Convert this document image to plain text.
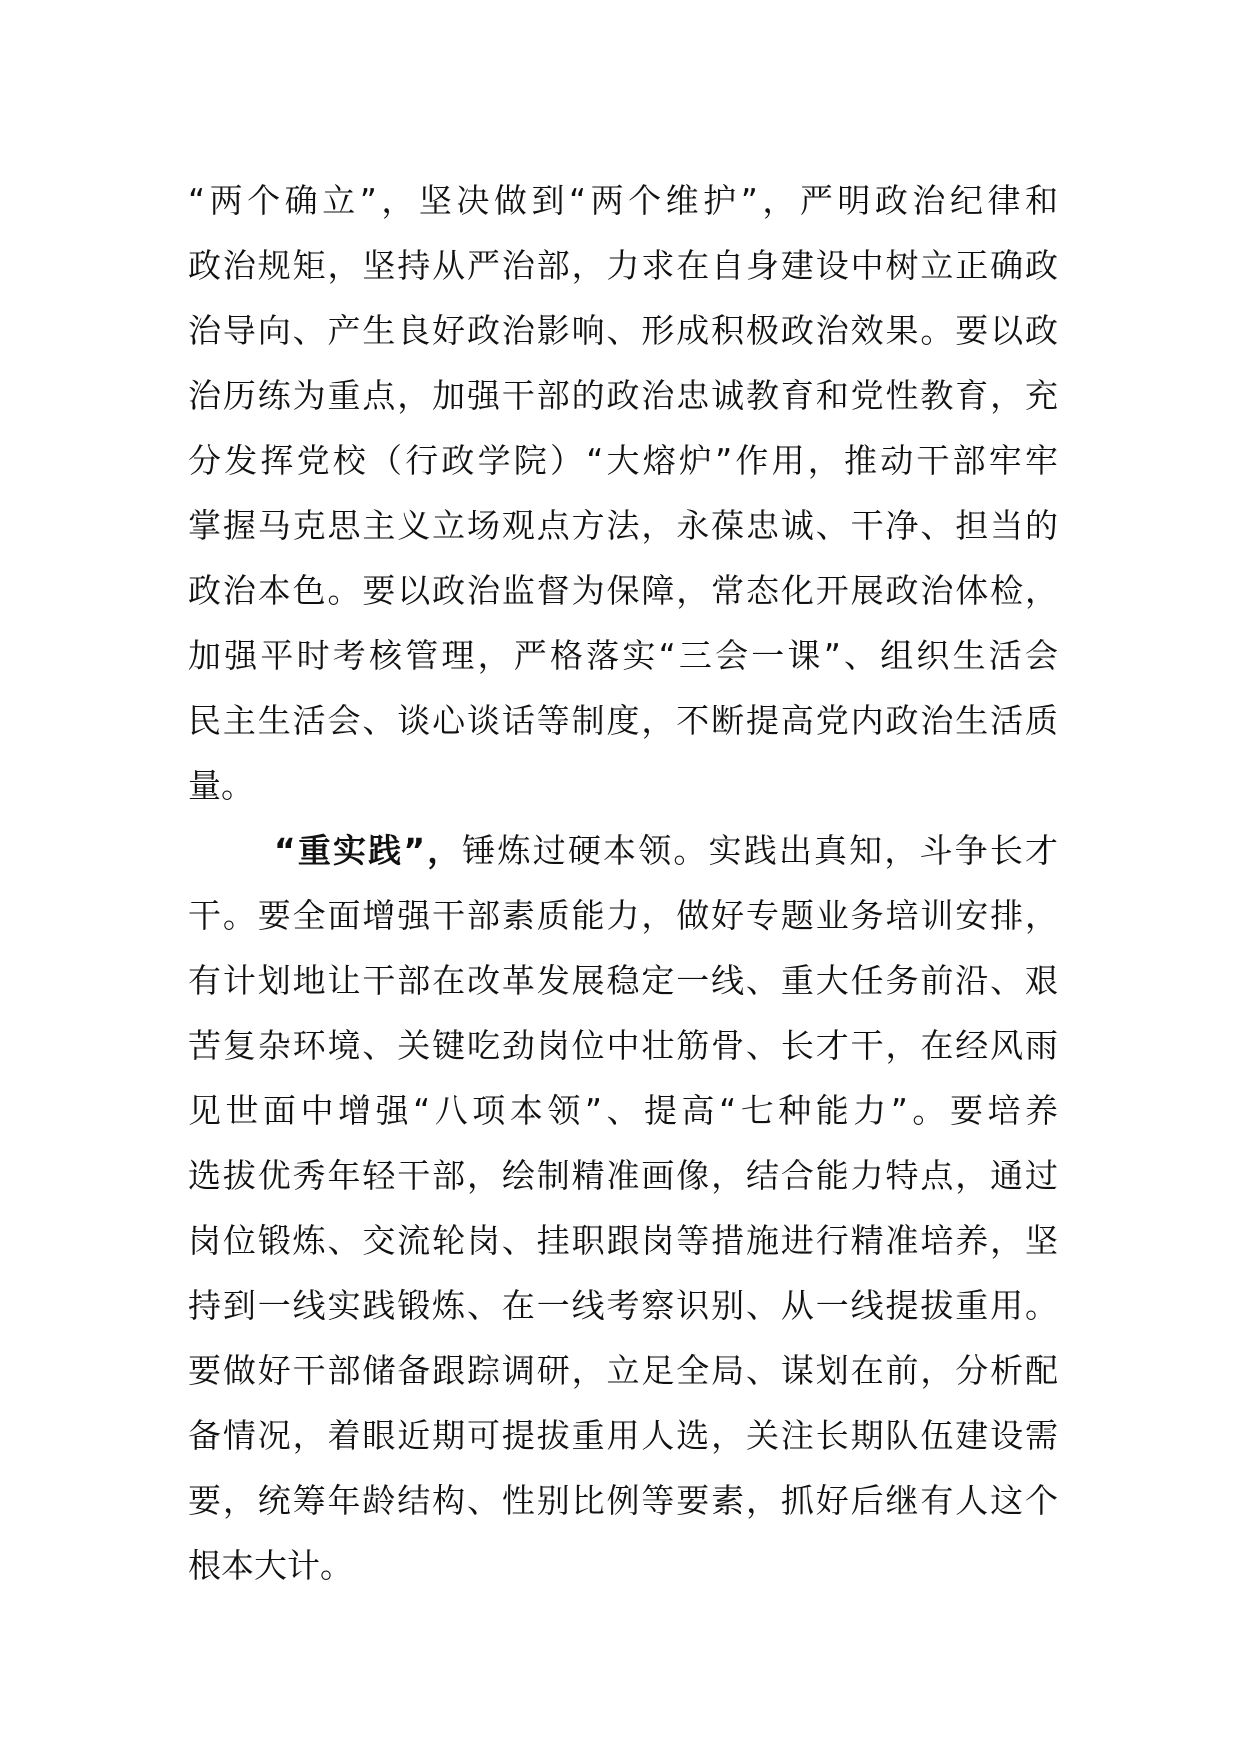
“两个确立”，坚决做到“两个维护”，严明政治纪律和
政治规矩，坚持从严治部，力求在自身建设中树立正确政
治导向、产生良好政治影响、形成积极政治效果。要以政
治历练为重点，加强干部的政治忠诚教育和党性教育，充
分发挥党校（行政学院）“大熔炉”作用，推动干部牢牢
掌握马克思主义立场观点方法，永葆忠诚、干净、担当的
政治本色。要以政治监督为保障，常态化开展政治体检，
加强平时考核管理，严格落实“三会一课”、组织生活会
民主生活会、谈心谈话等制度，不断提高党内政治生活质
量。
“重实践”，锤炼过硬本领。实践出真知，斗争长才
干。要全面增强干部素质能力，做好专题业务培训安排，
有计划地让干部在改革发展稳定一线、重大任务前沿、艰
苦复杂环境、关键吃劲岗位中壮筋骨、长才干，在经风雨
见世面中增强“八项本领”、提高“七种能力”。要培养
选拔优秀年轻干部，绘制精准画像，结合能力特点，通过
岗位锻炼、交流轮岗、挂职跟岗等措施进行精准培养，坚
持到一线实践锻炼、在一线考察识别、从一线提拔重用。
要做好干部储备跟踪调研，立足全局、谋划在前，分析配
备情况，着眼近期可提拔重用人选，关注长期队伍建设需
要，统筹年龄结构、性别比例等要素，抓好后继有人这个
根本大计。
